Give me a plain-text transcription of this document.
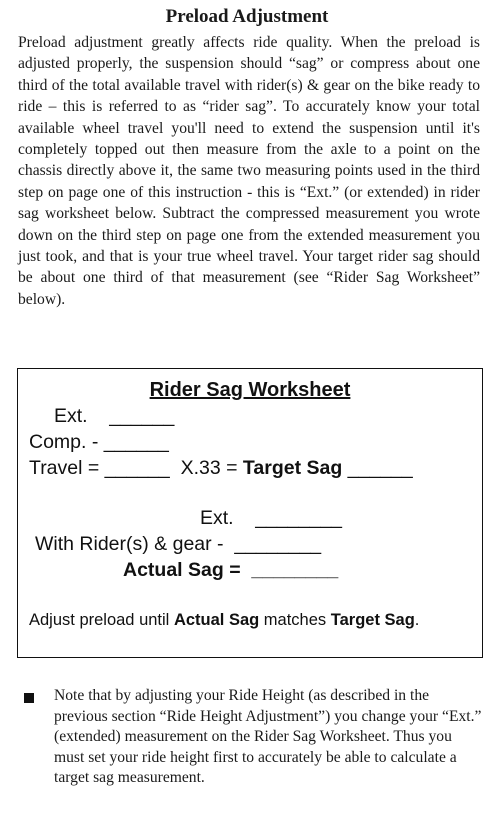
Preload Adjustment
Preload adjustment greatly affects ride quality. When the preload is adjusted properly, the suspension should “sag” or compress about one third of the total available travel with rider(s) & gear on the bike ready to ride – this is referred to as “rider sag”. To accurately know your total available wheel travel you'll need to extend the suspension until it's completely topped out then measure from the axle to a point on the chassis directly above it, the same two measuring points used in the third step on page one of this instruction - this is “Ext.” (or extended) in rider sag worksheet below. Subtract the compressed measurement you wrote down on the third step on page one from the extended measurement you just took, and that is your true wheel travel. Your target rider sag should be about one third of that measurement (see “Rider Sag Worksheet” below).
Rider Sag Worksheet
Ext.    ______
Comp. - ______
Travel = ______  X.33 = Target Sag ______
Ext.    ________
With Rider(s) & gear -  ________
Actual Sag =  ________
Adjust preload until Actual Sag matches Target Sag.
Note that by adjusting your Ride Height (as described in the previous section “Ride Height Adjustment”) you change your “Ext.” (extended) measurement on the Rider Sag Worksheet. Thus you must set your ride height first to accurately be able to calculate a target sag measurement.
